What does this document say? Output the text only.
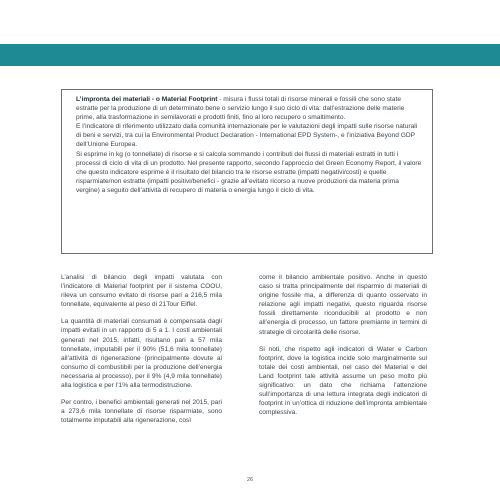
L’impronta dei materiali - o Material Footprint - misura i flussi totali di risorse minerali e fossili che sono state estratte per la produzione di un determinato bene o servizio lungo il suo ciclo di vita: dall’estrazione delle materie prime, alla trasformazione in semilavorati e prodotti finiti, fino al loro recupero o smaltimento.

E l’indicatore di riferimento utilizzato dalla comunità internazionale per le valutazioni degli impatti sulle risorse naturali di beni e servizi, tra cui la Environmental Product Declaration - International EPD System-, e l’iniziativa Beyond GDP dell’Unione Europea.

Si esprime in kg (o tonnellate) di risorse e si calcola sommando i contributi dei flussi di materiali estratti in tutti i processi di ciclo di vita di un prodotto. Nel presente rapporto, secondo l’approccio del Green Economy Report, il valore che questo indicatore esprime è il risultato del bilancio tra le risorse estratte (impatti negativi/costi) e quelle risparmiate/non estratte (impatti positivi/benefici - grazie all’evitato ricorso a nuove produzioni da materia prima vergine) a seguito dell’attività di recupero di materia o energia lungo il ciclo di vita.

L’analisi di bilancio degli impatti valutata con l’indicatore di Material footprint per il sistema COOU, rileva un consumo evitato di risorse pari a 216,5 mila tonnellate, equivalente al peso di 21Tour Eiffel.

La quantità di materiali consumati è compensata dagli impatti evitati in un rapporto di 5 a 1. I costi ambientali generati nel 2015, infatti, risultano pari a 57 mila tonnellate, imputabili per il 90% (51,6 mila tonnellate) all’attività di rigenerazione (principalmente dovute al consumo di combustibili per la produzione dell’energia necessaria al processo), per il 9% (4,9 mila tonnellate) alla logistica e per l’1% alla termodistruzione.

Per contro, i benefici ambientali generati nel 2015, pari a 273,6 mila tonnellate di risorse risparmiate, sono totalmente imputabili alla rigenerazione, così

come il bilancio ambientale positivo. Anche in questo caso si tratta principalmente del risparmio di materiali di origine fossile ma, a differenza di quanto osservato in relazione agli impatti negativi, questo riguarda risorse fossili direttamente riconducibili al prodotto e non all’energia di processo, un fattore premiante in termini di strategie di circolarità delle risorse.

Si noti, che rispetto agli indicatori di Water e Carbon footprint, dove la logistica incide solo marginalmente sul totale dei costi ambientali, nel caso del Material e del Land footprint tale attività assume un peso molto più significativo: un dato che richiama l’attenzione sull’importanza di una lettura integrata degli indicatori di footprint in un’ottica di riduzione dell’impronta ambientale complessiva.

26
